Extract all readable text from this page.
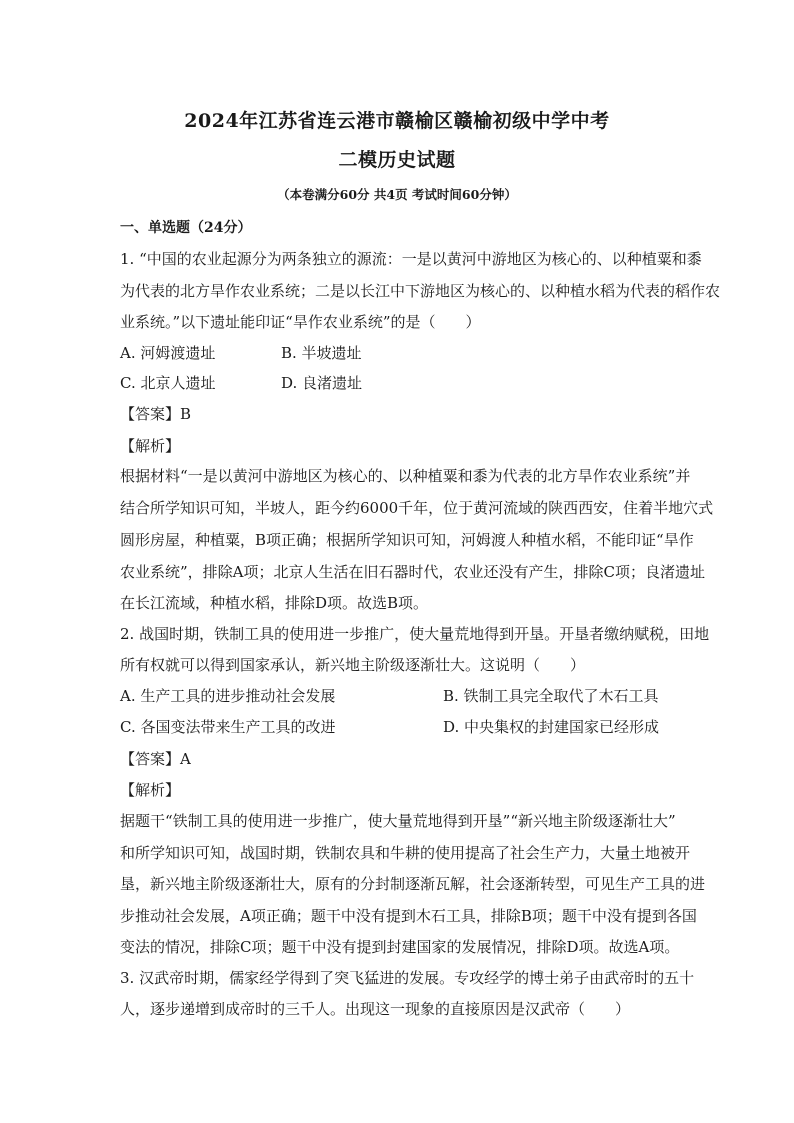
2024年江苏省连云港市赣榆区赣榆初级中学中考
二模历史试题
（本卷满分60分 共4页 考试时间60分钟）
一、单选题（24分）
1. “中国的农业起源分为两条独立的源流：一是以黄河中游地区为核心的、以种植粟和黍
为代表的北方旱作农业系统；二是以长江中下游地区为核心的、以种植水稻为代表的稻作农
业系统。”以下遗址能印证“旱作农业系统”的是（　　）
A. 河姆渡遗址	B. 半坡遗址
C. 北京人遗址	D. 良渚遗址
【答案】B
【解析】
根据材料“一是以黄河中游地区为核心的、以种植粟和黍为代表的北方旱作农业系统”并
结合所学知识可知，半坡人，距今约6000千年，位于黄河流域的陕西西安，住着半地穴式
圆形房屋，种植粟，B项正确；根据所学知识可知，河姆渡人种植水稻，不能印证“旱作
农业系统”，排除A项；北京人生活在旧石器时代，农业还没有产生，排除C项；良渚遗址
在长江流域，种植水稻，排除D项。故选B项。
2. 战国时期，铁制工具的使用进一步推广，使大量荒地得到开垦。开垦者缴纳赋税，田地
所有权就可以得到国家承认，新兴地主阶级逐渐壮大。这说明（　　）
A. 生产工具的进步推动社会发展	B. 铁制工具完全取代了木石工具
C. 各国变法带来生产工具的改进	D. 中央集权的封建国家已经形成
【答案】A
【解析】
据题干“铁制工具的使用进一步推广，使大量荒地得到开垦”“新兴地主阶级逐渐壮大”
和所学知识可知，战国时期，铁制农具和牛耕的使用提高了社会生产力，大量土地被开
垦，新兴地主阶级逐渐壮大，原有的分封制逐渐瓦解，社会逐渐转型，可见生产工具的进
步推动社会发展，A项正确；题干中没有提到木石工具，排除B项；题干中没有提到各国
变法的情况，排除C项；题干中没有提到封建国家的发展情况，排除D项。故选A项。
3. 汉武帝时期，儒家经学得到了突飞猛进的发展。专攻经学的博士弟子由武帝时的五十
人，逐步递增到成帝时的三千人。出现这一现象的直接原因是汉武帝（　　）
